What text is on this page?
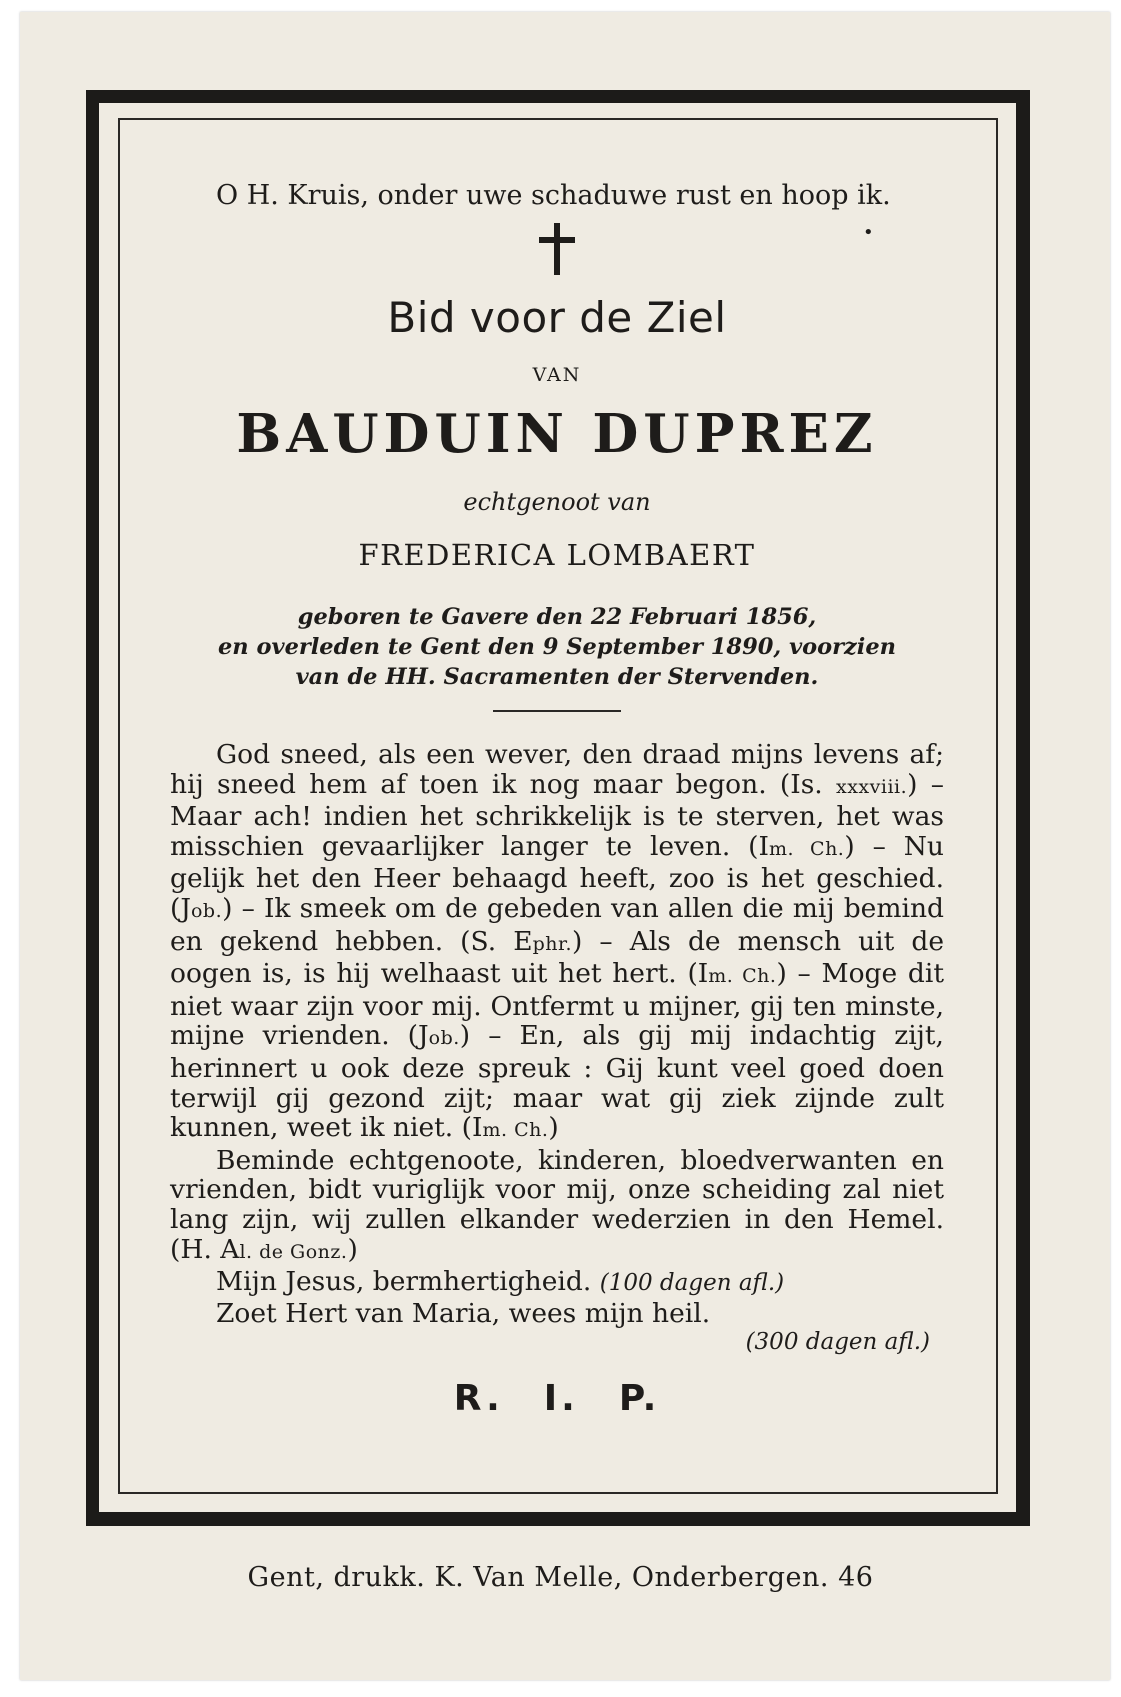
O H. Kruis, onder uwe schaduwe rust en hoop ik.

•
Bid voor de Ziel
VAN
BAUDUIN DUPREZ
echtgenoot van
FREDERICA LOMBAERT
geboren te Gavere den 22 Februari 1856,
en overleden te Gent den 9 September 1890, voorzien
van de HH. Sacramenten der Stervenden.

God sneed, als een wever, den draad mijns levens af; hij sneed hem af toen ik nog maar begon. (Is. xxxviii.) – Maar ach! indien het schrikkelijk is te sterven, het was misschien gevaarlijker langer te leven. (Im. Ch.) – Nu gelijk het den Heer behaagd heeft, zoo is het geschied. (Job.) – Ik smeek om de gebeden van allen die mij bemind en gekend hebben. (S. Ephr.) – Als de mensch uit de oogen is, is hij welhaast uit het hert. (Im. Ch.) – Moge dit niet waar zijn voor mij. Ontfermt u mijner, gij ten minste, mijne vrienden. (Job.) – En, als gij mij indachtig zijt, herinnert u ook deze spreuk : Gij kunt veel goed doen terwijl gij gezond zijt; maar wat gij ziek zijnde zult kunnen, weet ik niet. (Im. Ch.)

Beminde echtgenoote, kinderen, bloedverwanten en vrienden, bidt vuriglijk voor mij, onze scheiding zal niet lang zijn, wij zullen elkander wederzien in den Hemel. (H. Al. de Gonz.)

Mijn Jesus, bermhertigheid. (100 dagen afl.)

Zoet Hert van Maria, wees mijn heil.

(300 dagen afl.)

R. I. P.
Gent, drukk. K. Van Melle, Onderbergen. 46
